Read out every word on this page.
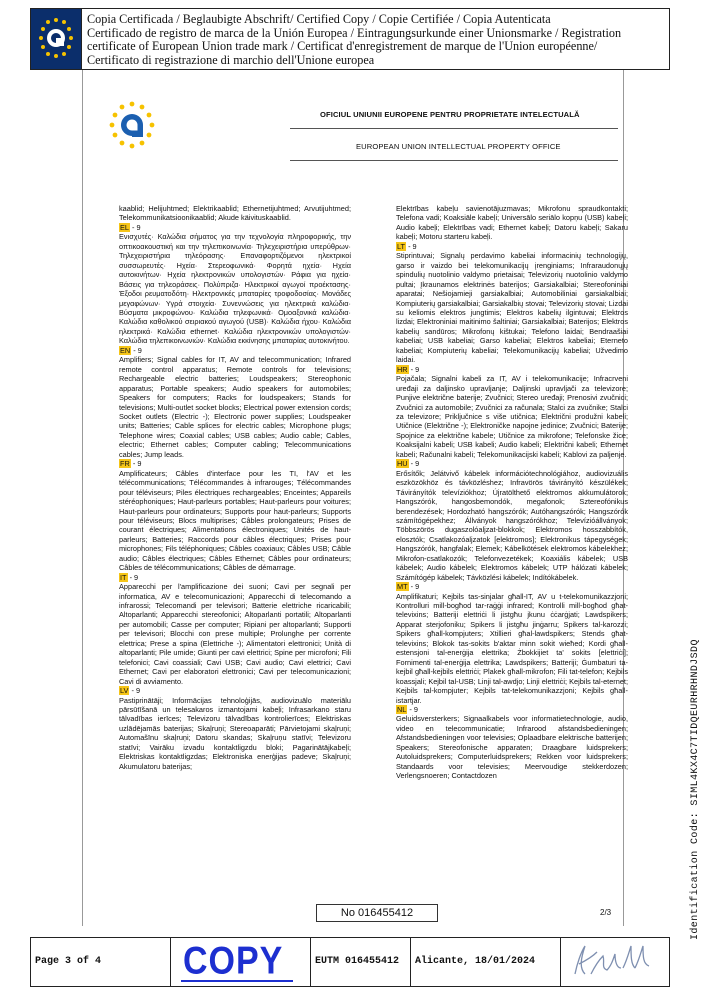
Copia Certificada / Beglaubigte Abschrift/ Certified Copy / Copie Certifiée / Copia Autenticata
Certificado de registro de marca de la Unión Europea / Eintragungsurkunde einer Unionsmarke / Registration
certificate of European Union trade mark / Certificat d'enregistrement de marque de l'Union européenne/
Certificato di registrazione di marchio dell'Unione europea
OFICIUL UNIUNII EUROPENE PENTRU PROPRIETATE INTELECTUALĂ
EUROPEAN UNION INTELLECTUAL PROPERTY OFFICE
kaablid; Helijuhtmed; Elektrikaablid; Ethernetijuhtmed; Arvutijuhtmed; Telekommunikatsioonikaablid; Akude käivituskaablid.
EL - 9
Ενισχυτές· Καλώδια σήματος για την τεχνολογία πληροφορικής, την οπτικοακουστική και την τηλεπικοινωνία· Τηλεχειριστήρια υπερύθρων· Τηλεχειριστήρια τηλεόρασης· Επαναφορτιζόμενοι ηλεκτρικοί συσσωρευτές· Ηχεία· Στερεοφωνικά· Φορητά ηχεία· Ηχεία αυτοκινήτων· Ηχεία ηλεκτρονικών υπολογιστών· Ράφια για ηχεία· Βάσεις για τηλεοράσεις· Πολύπριζα· Ηλεκτρικοί αγωγοί προέκτασης· Έξοδοι ρευματοδότη· Ηλεκτρονικές μπαταρίες τροφοδοσίας· Μονάδες μεγαφώνων· Υγρά στοιχεία· Συνεννώσεις για ηλεκτρικά καλώδια· Βύσματα μικροφώνου· Καλώδια τηλεφωνικά· Ομοαξονικά καλώδια· Καλώδια καθολικού σειριακού αγωγού (USB)· Καλώδια ήχου· Καλώδια ηλεκτρικά· Καλώδια ethernet· Καλώδια ηλεκτρονικών υπολογιστών· Καλώδια τηλεπικοινωνιών· Καλώδια εκκίνησης μπαταρίας αυτοκινήτου.
EN - 9
Amplifiers; Signal cables for IT, AV and telecommunication; Infrared remote control apparatus; Remote controls for televisions; Rechargeable electric batteries; Loudspeakers; Stereophonic apparatus; Portable speakers; Audio speakers for automobiles; Speakers for computers; Racks for loudspeakers; Stands for televisions; Multi-outlet socket blocks; Electrical power extension cords; Socket outlets (Electric -); Electronic power supplies; Loudspeaker units; Batteries; Cable splices for electric cables; Microphone plugs; Telephone wires; Coaxial cables; USB cables; Audio cable; Cables, electric; Ethernet cables; Computer cabling; Telecommunications cables; Jump leads.
FR - 9
Amplificateurs; Câbles d'interface pour les TI, l'AV et les télécommunications; Télécommandes à infrarouges; Télécommandes pour téléviseurs; Piles électriques rechargeables; Enceintes; Appareils stéréophoniques; Haut-parleurs portables; Haut-parleurs pour voitures; Haut-parleurs pour ordinateurs; Supports pour haut-parleurs; Supports pour téléviseurs; Blocs multiprises; Câbles prolongateurs; Prises de courant électriques; Alimentations électroniques; Unités de haut-parleurs; Batteries; Raccords pour câbles électriques; Prises pour microphones; Fils téléphoniques; Câbles coaxiaux; Câbles USB; Câble audio; Câbles électriques; Câbles Ethernet; Câbles pour ordinateurs; Câbles de télécommunications; Câbles de démarrage.
IT - 9
Apparecchi per l'amplificazione dei suoni; Cavi per segnali per informatica, AV e telecomunicazioni; Apparecchi di telecomando a infrarossi; Telecomandi per televisori; Batterie elettriche ricaricabili; Altoparlanti; Apparecchi stereofonici; Altoparlanti portatili; Altoparlanti per automobili; Casse per computer; Ripiani per altoparlanti; Supporti per televisori; Blocchi con prese multiple; Prolunghe per corrente elettrica; Prese a spina (Elettriche -); Alimentatori elettronici; Unità di altoparlanti; Pile umide; Giunti per cavi elettrici; Spine per microfoni; Fili telefonici; Cavi coassiali; Cavi USB; Cavi audio; Cavi elettrici; Cavi Ethernet; Cavi per elaboratori elettronici; Cavi per telecomunicazioni; Cavi di avviamento.
LV - 9
Pastiprinātāji; Informācijas tehnoloģijās, audiovizuālo materiālu pārsūtīšanā un telesakaros izmantojami kabeļi; Infrasarkano staru tālvadības ierīces; Televizoru tālvadības kontrolierīces; Elektriskas uzlādējamās baterijas; Skaļruņi; Stereoaparāti; Pārvietojami skaļruņi; Automašīnu skaļruņi; Datoru skandas; Skaļruņu statīvi; Televizoru statīvi; Vairāku izvadu kontaktligzdu bloki; Pagarinātājkabeļi; Elektriskas kontaktligzdas; Elektroniska enerģijas padeve; Skaļruņi; Akumulatoru baterijas;
Elektrības kabeļu savienotājuzmavas; Mikrofonu spraudkontakti; Telefona vadi; Koaksiāle kabeļi; Universālo seriālo kopņu (USB) kabeļi; Audio kabeļi; Elektrības vadi; Ethernet kabeļi; Datoru kabeļi; Sakaru kabeļi; Motoru starteru kabeļi.
LT - 9
Stiprintuvai; Signalų perdavimo kabeliai informacinių technologijų, garso ir vaizdo bei telekomunikacijų įrenginiams; Infraraudonųjų spindulių nuotolinio valdymo prietaisai; Televizorių nuotolinio valdymo pultai; Įkraunamos elektrinės baterijos; Garsiakalbiai; Stereofoniniai aparatai; Nešiojamieji garsiakalbiai; Automobiliniai garsiakalbiai; Kompiuterių garsiakalbiai; Garsiakalbių stovai; Televizorių stovai; Lizdai su keliomis elektros jungtimis; Elektros kabelių ilgintuvai; Elektros lizdai; Elektroniniai maitinimo šaltiniai; Garsiakalbiai; Baterijos; Elektros kabelių sandūros; Mikrofonų kištukai; Telefono laidai; Bendraašiai kabeliai; USB kabeliai; Garso kabeliai; Elektros kabeliai; Eterneto kabeliai; Kompiuterių kabeliai; Telekomunikacijų kabeliai; Užvedimo laidai.
HR - 9
Pojačala; Signalni kabeli za IT, AV i telekomunikacije; Infracrveni uređaji za daljinsko upravljanje; Daljinski upravljači za televizore; Punjive električne baterije; Zvučnici; Stereo uređaji; Prenosivi zvučnici; Zvučnici za automobile; Zvučnici za računala; Stalci za zvučnike; Stalci za televizore; Priključnice s više utičnica; Električni produžni kabeli; Utičnice (Električne -); Elektroničke napojne jedinice; Zvučnici; Baterije; Spojnice za električne kabele; Utičnice za mikrofone; Telefonske žice; Koaksijalni kabeli; USB kabeli; Audio kabeli; Električni kabeli; Ethernet kabeli; Računalni kabeli; Telekomunikacijski kabeli; Kablovi za paljenje.
HU - 9
Erősítők; Jelátvivő kábelek információtechnológiához, audiovizuális eszközökhöz és távközléshez; Infravörös távirányító készülékek; Távirányítók televíziókhoz; Újratölthető elektromos akkumulátorok; Hangszórók, hangosbemondók, megafonok; Sztereofónikus berendezések; Hordozható hangszórók; Autóhangszórók; Hangszórók számítógépekhez; Állványok hangszórókhoz; Televízióállványok; Többszörös dugaszolóaljzat-blokkok; Elektromos hosszabbítók, elosztók; Csatlakozóaljzatok [elektromos]; Elektronikus tápegységek; Hangszórók, hangfalak; Elemek; Kábelkötések elektromos kábelekhez; Mikrofon-csatlakozók; Telefonvezetékek; Koaxiális kábelek; USB kábelek; Audio kábelek; Elektromos kábelek; UTP hálózati kábelek; Számítógép kábelek; Távközlési kábelek; Indítókábelek.
MT - 9
Amplifikaturi; Kejbils tas-sinjalar għall-IT, AV u t-telekomunikazzjoni; Kontrolluri mill-bogħod tar-raġġi infrared; Kontrolli mill-bogħod għat-televixins; Batteriji elettriċi li jistgħu jkunu ċċarġjati; Lawdspikers; Apparat sterjofoniku; Spikers li jistgħu jinġarru; Spikers tal-karozzi; Spikers għall-kompjuters; Xtillieri għal-lawdspikers; Stends għat-televixins; Blokok tas-sokits b'aktar minn sokit wieħed; Kordi għall-estensjoni tal-enerġija elettrika; Żbokkijiet ta' sokits [elettriċi]; Fornimenti tal-enerġija elettrika; Lawdspikers; Batteriji; Ġumbaturi ta-kejbil għall-kejbils elettriċi; Plakek għall-mikrofon; Fili tat-telefon; Kejbils koassjali; Kejbil tal-USB; Linji tal-awdjo; Linji elettriċi; Kejbils tal-eternet; Kejbils tal-kompjuter; Kejbils tat-telekomunikazzjoni; Kejbils għall-istartjar.
NL - 9
Geluidsversterkers; Signaalkabels voor informatietechnologie, audio, video en telecommunicatie; Infrarood afstandsbedieningen; Afstandsbedieningen voor televisies; Oplaadbare elektrische batterijen; Speakers; Stereofonische apparaten; Draagbare luidsprekers; Autoluidsprekers; Computerluidsprekers; Rekken voor luidsprekers; Standaards voor televisies; Meervoudige stekkerdozen; Verlengsnoeren; Contactdozen
No 016455412	2/3
Page 3 of 4 COPY	EUTM 016455412 Alicante, 18/01/2024
Identification Code: SIML4KX4C7TIDQEURHRHNDJSDQ
